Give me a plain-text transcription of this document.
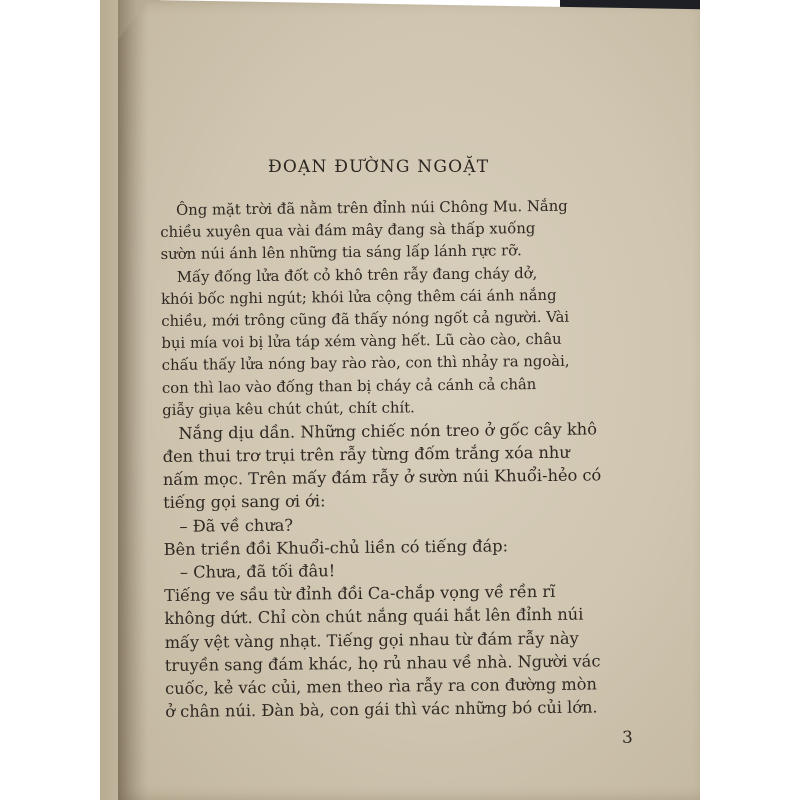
ĐOẠN ĐƯỜNG NGOẶT
Ông mặt trời đã nằm trên đỉnh núi Chông Mu. Nắng
chiều xuyên qua vài đám mây đang sà thấp xuống
sườn núi ánh lên những tia sáng lấp lánh rực rỡ.
Mấy đống lửa đốt cỏ khô trên rẫy đang cháy dở,
khói bốc nghi ngút; khói lửa cộng thêm cái ánh nắng
chiều, mới trông cũng đã thấy nóng ngốt cả người. Vài
bụi mía voi bị lửa táp xém vàng hết. Lũ cào cào, châu
chấu thấy lửa nóng bay rào rào, con thì nhảy ra ngoài,
con thì lao vào đống than bị cháy cả cánh cả chân
giẫy giụa kêu chút chút, chít chít.
Nắng dịu dần. Những chiếc nón treo ở gốc cây khô
đen thui trơ trụi trên rẫy từng đốm trắng xóa như
nấm mọc. Trên mấy đám rẫy ở sườn núi Khuổi-hẻo có
tiếng gọi sang ơi ới:
– Đã về chưa?
Bên triền đồi Khuổi-chủ liền có tiếng đáp:
– Chưa, đã tối đâu!
Tiếng ve sầu từ đỉnh đồi Ca-chắp vọng về rền rĩ
không dứt. Chỉ còn chút nắng quái hắt lên đỉnh núi
mấy vệt vàng nhạt. Tiếng gọi nhau từ đám rẫy này
truyền sang đám khác, họ rủ nhau về nhà. Người vác
cuốc, kẻ vác củi, men theo rìa rẫy ra con đường mòn
ở chân núi. Đàn bà, con gái thì vác những bó củi lớn.
3
